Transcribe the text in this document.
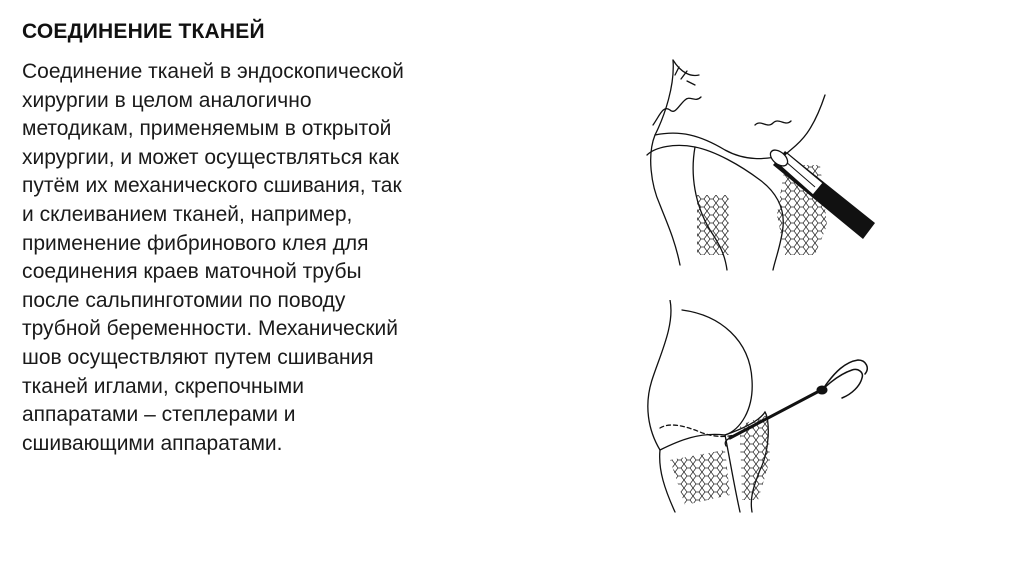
СОЕДИНЕНИЕ ТКАНЕЙ
Соединение тканей в эндоскопической
хирургии в целом аналогично
методикам, применяемым в открытой
хирургии, и может осуществляться как
путём их механического сшивания, так
и склеиванием тканей, например,
применение фибринового клея для
соединения краев маточной трубы
после сальпинготомии по поводу
трубной беременности. Механический
шов осуществляют путем сшивания
тканей иглами, скрепочными
аппаратами – степлерами и
сшивающими аппаратами.
